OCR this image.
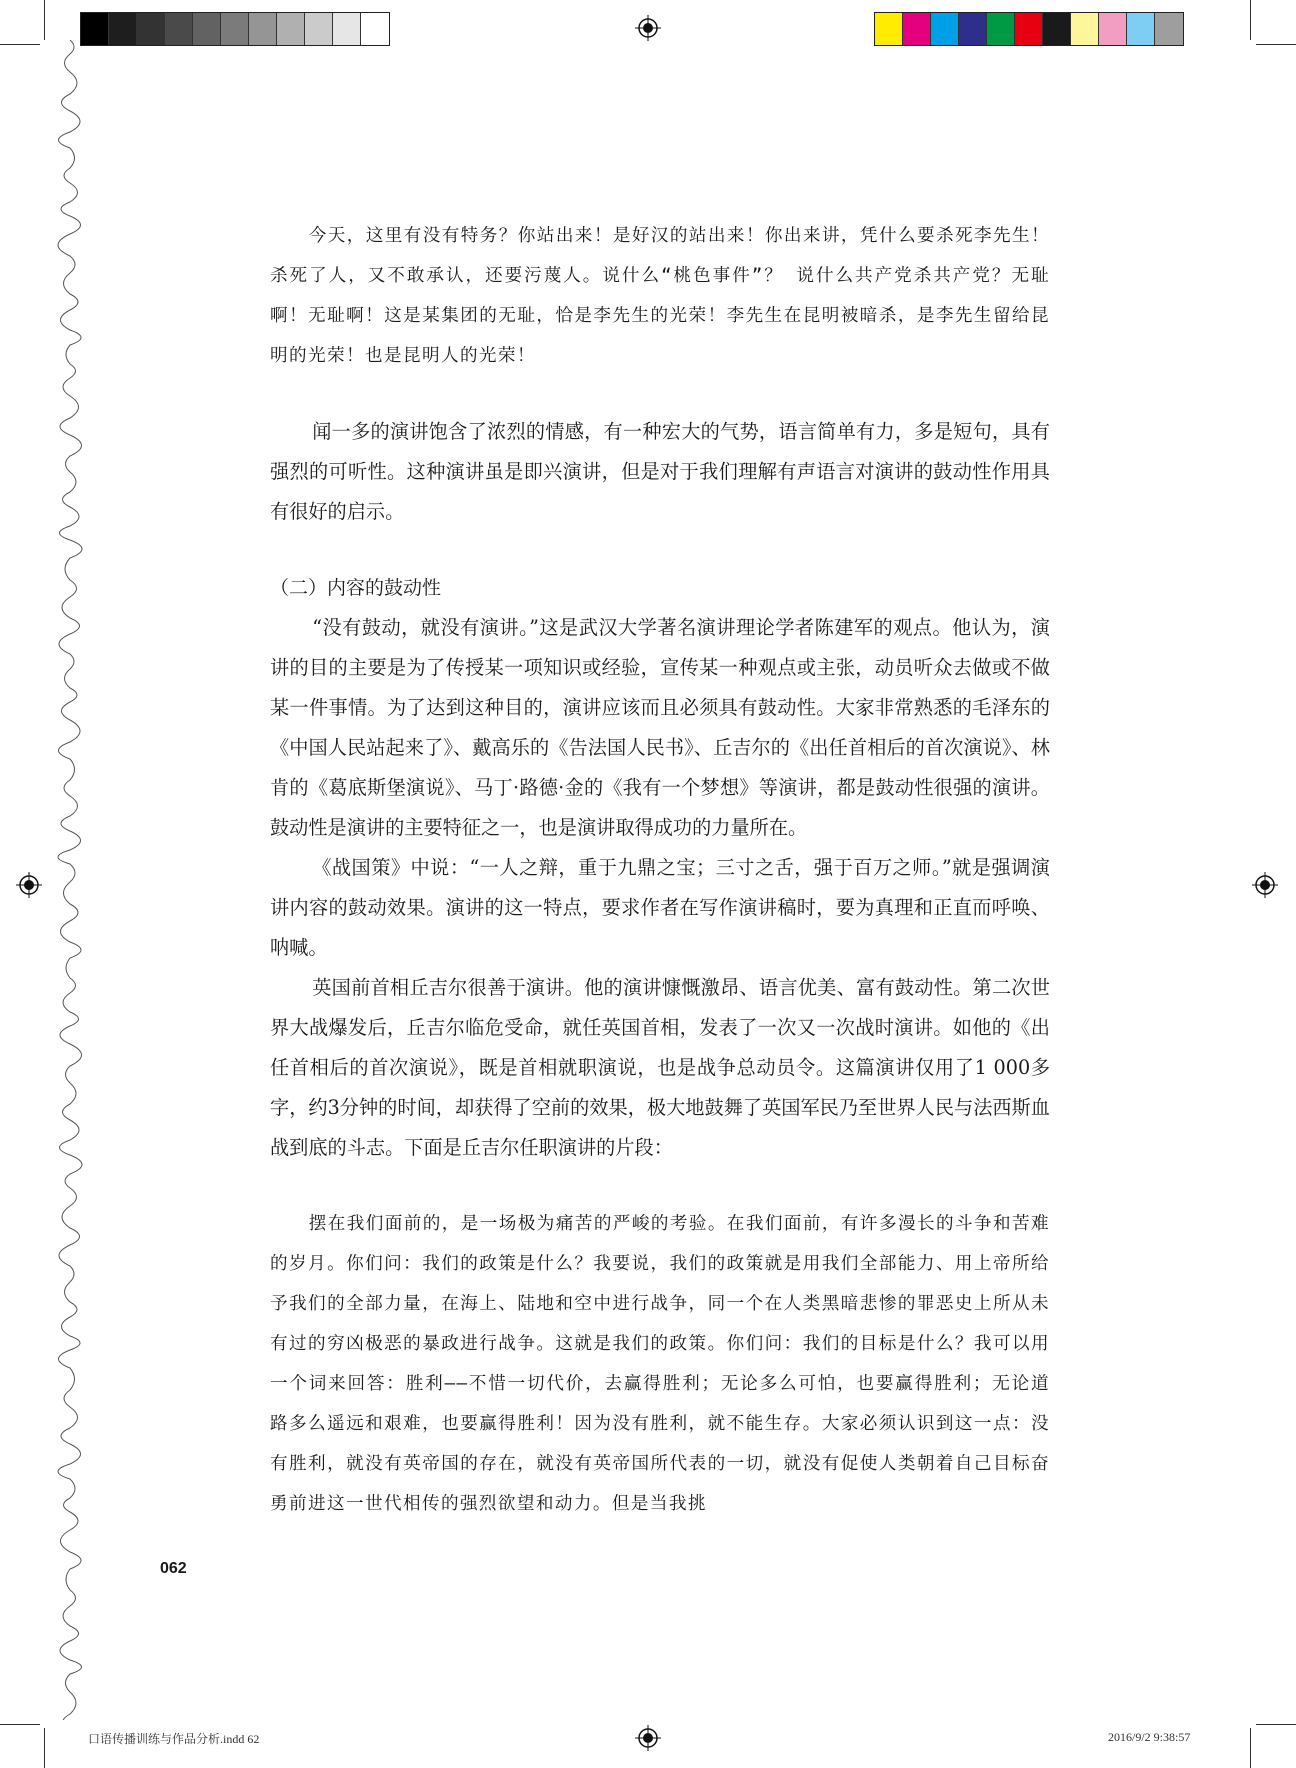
今天，这里有没有特务？你站出来！是好汉的站出来！你出来讲，凭什么要杀死李先生！杀死了人，又不敢承认，还要污蔑人。说什么“桃色事件”？ 说什么共产党杀共产党？无耻啊！无耻啊！这是某集团的无耻，恰是李先生的光荣！李先生在昆明被暗杀，是李先生留给昆明的光荣！也是昆明人的光荣！

闻一多的演讲饱含了浓烈的情感，有一种宏大的气势，语言简单有力，多是短句，具有强烈的可听性。这种演讲虽是即兴演讲，但是对于我们理解有声语言对演讲的鼓动性作用具有很好的启示。

（二）内容的鼓动性

“没有鼓动，就没有演讲。”这是武汉大学著名演讲理论学者陈建军的观点。他认为，演讲的目的主要是为了传授某一项知识或经验，宣传某一种观点或主张，动员听众去做或不做某一件事情。为了达到这种目的，演讲应该而且必须具有鼓动性。大家非常熟悉的毛泽东的《中国人民站起来了》、戴高乐的《告法国人民书》、丘吉尔的《出任首相后的首次演说》、林肯的《葛底斯堡演说》、马丁·路德·金的《我有一个梦想》等演讲，都是鼓动性很强的演讲。鼓动性是演讲的主要特征之一，也是演讲取得成功的力量所在。

《战国策》中说：“一人之辩，重于九鼎之宝；三寸之舌，强于百万之师。”就是强调演讲内容的鼓动效果。演讲的这一特点，要求作者在写作演讲稿时，要为真理和正直而呼唤、呐喊。

英国前首相丘吉尔很善于演讲。他的演讲慷慨激昂、语言优美、富有鼓动性。第二次世界大战爆发后，丘吉尔临危受命，就任英国首相，发表了一次又一次战时演讲。如他的《出任首相后的首次演说》，既是首相就职演说，也是战争总动员令。这篇演讲仅用了1 000多字，约3分钟的时间，却获得了空前的效果，极大地鼓舞了英国军民乃至世界人民与法西斯血战到底的斗志。下面是丘吉尔任职演讲的片段：

摆在我们面前的，是一场极为痛苦的严峻的考验。在我们面前，有许多漫长的斗争和苦难的岁月。你们问：我们的政策是什么？我要说，我们的政策就是用我们全部能力、用上帝所给予我们的全部力量，在海上、陆地和空中进行战争，同一个在人类黑暗悲惨的罪恶史上所从未有过的穷凶极恶的暴政进行战争。这就是我们的政策。你们问：我们的目标是什么？我可以用一个词来回答：胜利——不惜一切代价，去赢得胜利；无论多么可怕，也要赢得胜利；无论道路多么遥远和艰难，也要赢得胜利！因为没有胜利，就不能生存。大家必须认识到这一点：没有胜利，就没有英帝国的存在，就没有英帝国所代表的一切，就没有促使人类朝着自己目标奋勇前进这一世代相传的强烈欲望和动力。但是当我挑

062
口语传播训练与作品分析.indd 62	2016/9/2 9:38:57
